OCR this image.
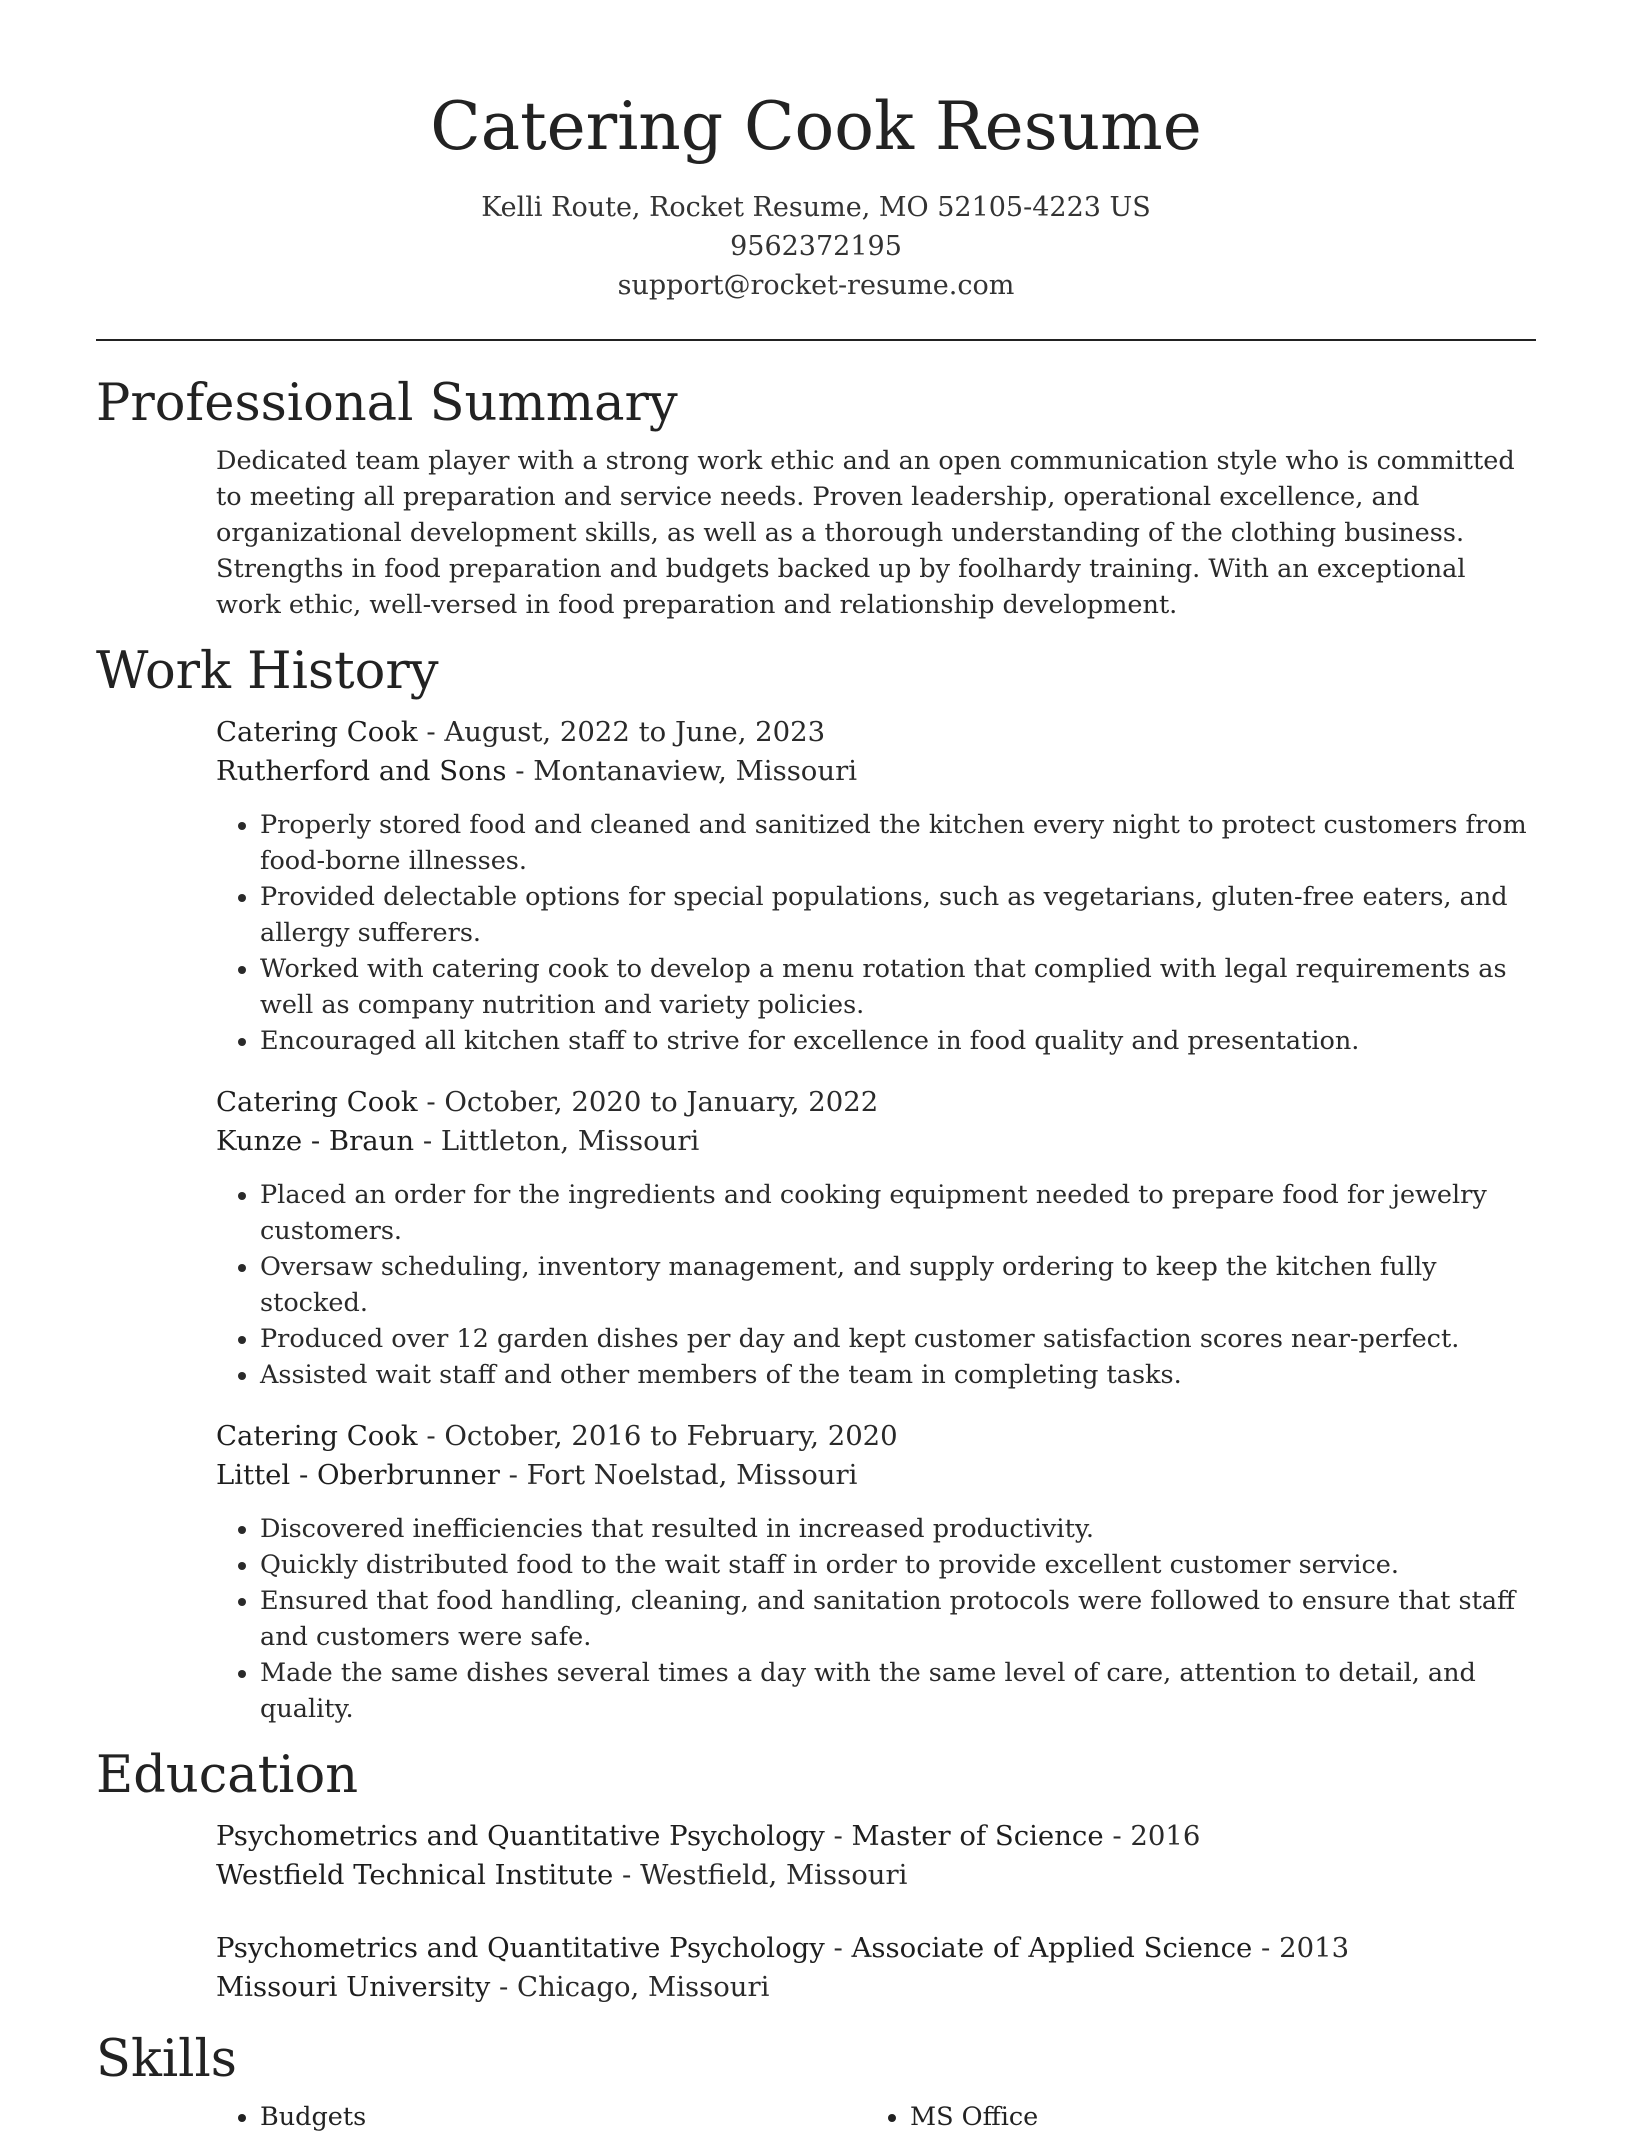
Catering Cook Resume
Kelli Route, Rocket Resume, MO 52105-4223 US
9562372195
support@rocket-resume.com
Professional Summary

Dedicated team player with a strong work ethic and an open communication style who is committed to meeting all preparation and service needs. Proven leadership, operational excellence, and organizational development skills, as well as a thorough understanding of the clothing business. Strengths in food preparation and budgets backed up by foolhardy training. With an exceptional work ethic, well-versed in food preparation and relationship development.

Work History
Catering Cook - August, 2022 to June, 2023
Rutherford and Sons - Montanaview, Missouri
• Properly stored food and cleaned and sanitized the kitchen every night to protect customers from food-borne illnesses.
• Provided delectable options for special populations, such as vegetarians, gluten-free eaters, and allergy sufferers.
• Worked with catering cook to develop a menu rotation that complied with legal requirements as well as company nutrition and variety policies.
• Encouraged all kitchen staff to strive for excellence in food quality and presentation.
Catering Cook - October, 2020 to January, 2022
Kunze - Braun - Littleton, Missouri
• Placed an order for the ingredients and cooking equipment needed to prepare food for jewelry customers.
• Oversaw scheduling, inventory management, and supply ordering to keep the kitchen fully stocked.
• Produced over 12 garden dishes per day and kept customer satisfaction scores near-perfect.
• Assisted wait staff and other members of the team in completing tasks.
Catering Cook - October, 2016 to February, 2020
Littel - Oberbrunner - Fort Noelstad, Missouri
• Discovered inefficiencies that resulted in increased productivity.
• Quickly distributed food to the wait staff in order to provide excellent customer service.
• Ensured that food handling, cleaning, and sanitation protocols were followed to ensure that staff and customers were safe.
• Made the same dishes several times a day with the same level of care, attention to detail, and quality.
Education
Psychometrics and Quantitative Psychology - Master of Science - 2016
Westfield Technical Institute - Westfield, Missouri
Psychometrics and Quantitative Psychology - Associate of Applied Science - 2013
Missouri University - Chicago, Missouri
Skills
• Budgets
•	MS Office
